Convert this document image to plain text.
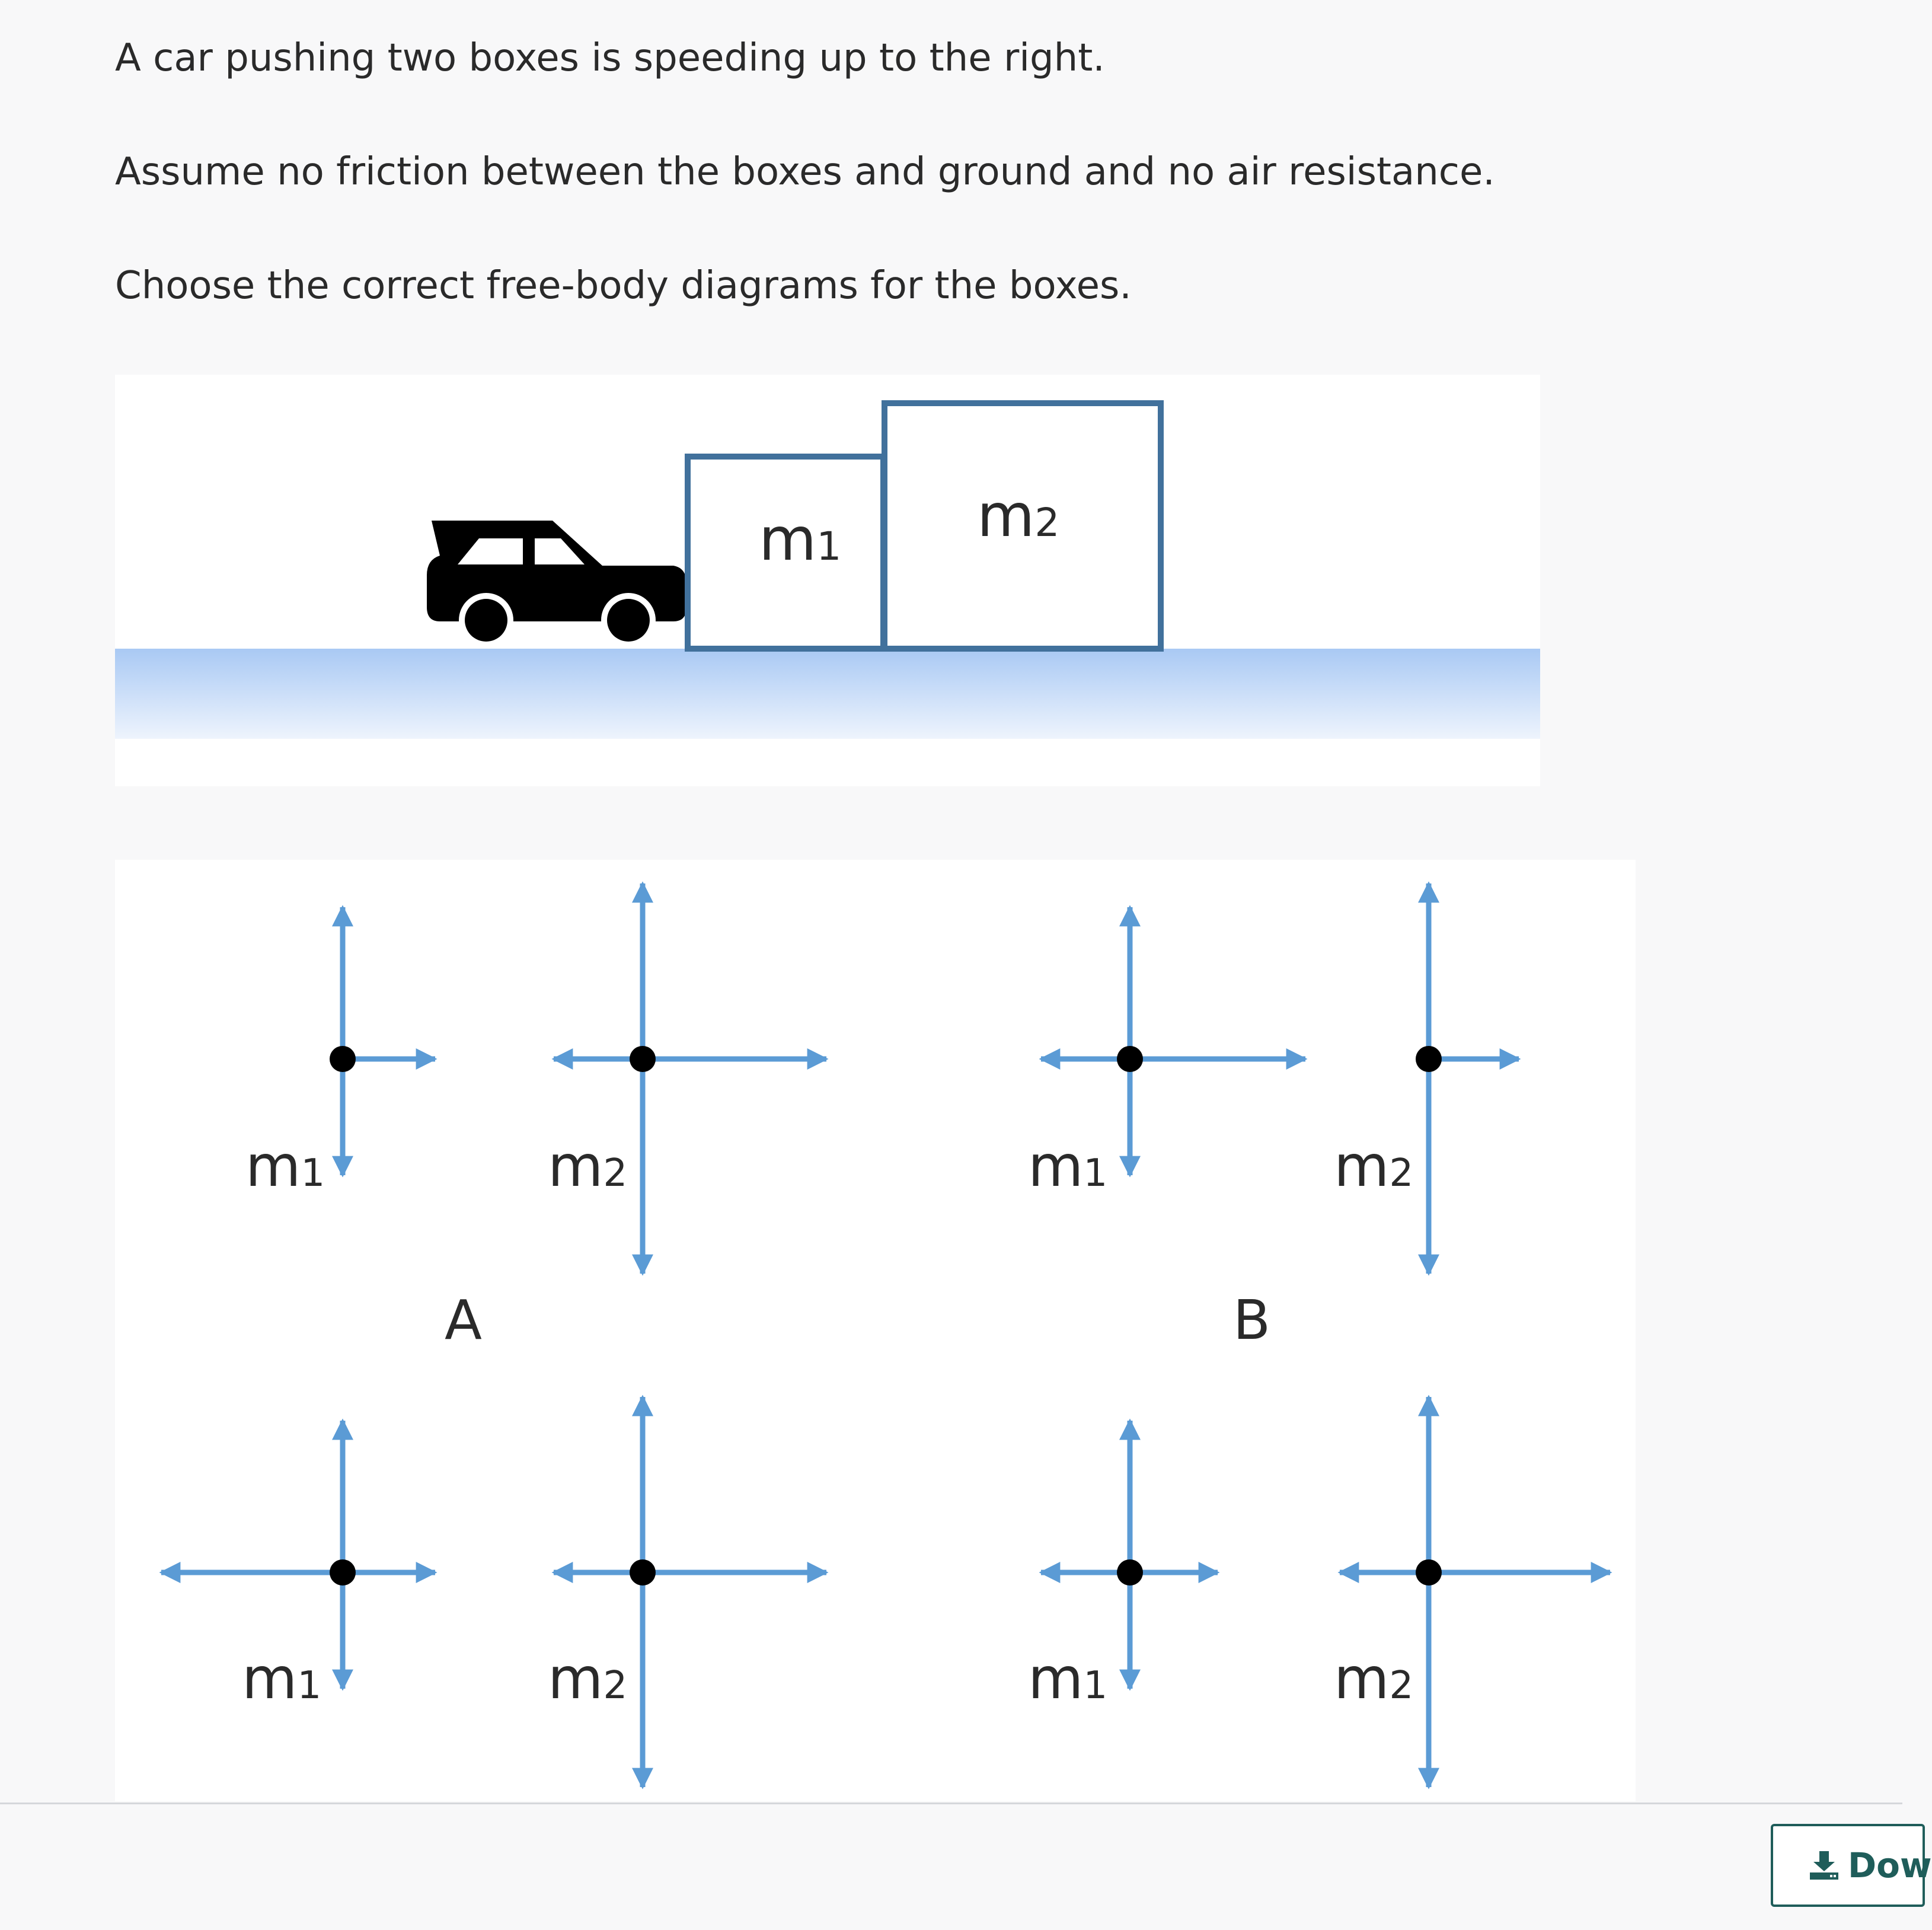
A car pushing two boxes is speeding up to the right.

Assume no friction between the boxes and ground and no air resistance.

Choose the correct free-body diagrams for the boxes.

m1 m2
m1	m2	m1	m2
m1	m2	m1	m2
A	B
Dow
